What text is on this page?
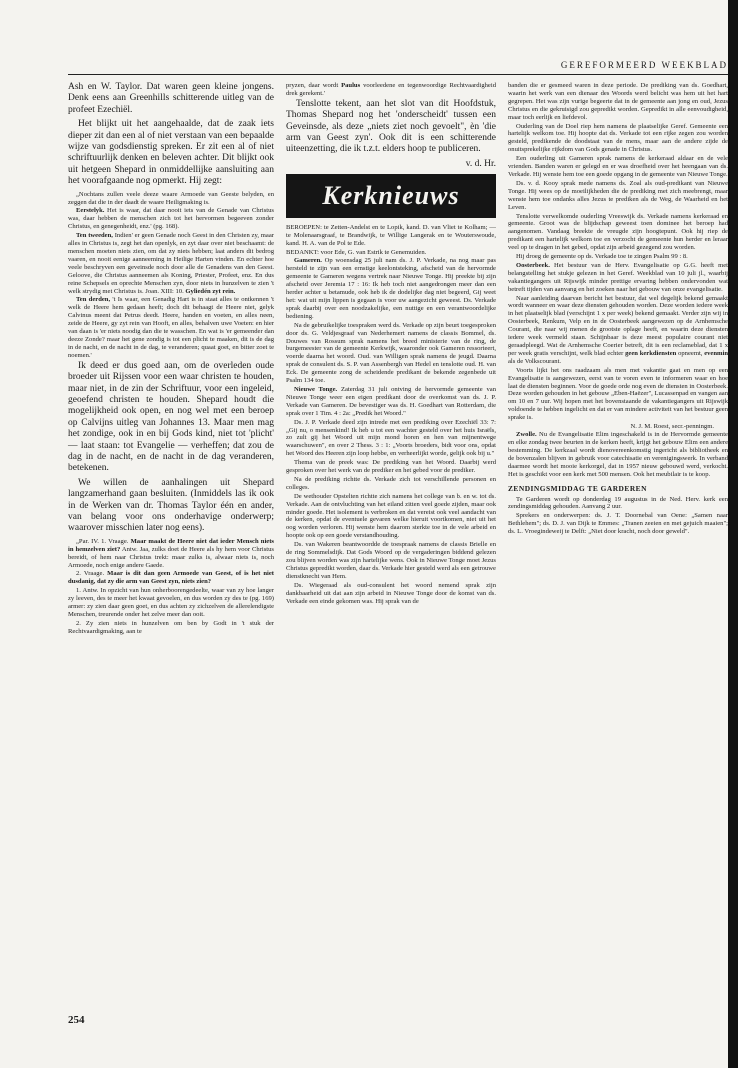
GEREFORMEERD WEEKBLAD

Ash en W. Taylor. Dat waren geen kleine jongens. Denk eens aan Greenhills schitterende uitleg van de profeet Ezechiël.

Het blijkt uit het aangehaalde, dat de zaak iets dieper zit dan een al of niet verstaan van een bepaalde wijze van godsdienstig spreken. Er zit een al of niet schriftuurlijk denken en beleven achter. Dit blijkt ook uit hetgeen Shepard in onmiddellijke aansluiting aan het voorafgaande nog opmerkt. Hij zegt:

„Nochtans zullen veele deeze waare Armoede van Geeste belyden, en zeggen dat die in der daadt de waare Heiligmaking is.

Eerstelyk. Het is waar, dat daar nooit iets van de Genade van Christus was, daar hebben de menschen zich tot het hervormen begeeven zonder Christus, en genegenheidt, enz.' (pg. 168).

Ten tweeden, Indien' er geen Genade noch Geest in den Christen zy, maar alles in Christus is, zegt het dan openlyk, en zyt daar over niet beschaamt: de menschen moeten niets zien, om dat zy niets hebben; laat anders dit bedrog vaaren, en nooit eenige aanneeming in Heilige Harten vinden. En echter hoe veele beschryven een geveinsde noch door alle de Genadens van den Geest. Geloove, die Christus aanneemen als Koning, Priester, Profeet, enz. En dus reine Schepsels en oprechte Menschen zyn, door niets in hunzelven te zien 't welk strydig met Christus is. Joan. XIII: 10. Gyliedén zyt rein.

Ten derden, 't Is waar, een Genadig Hart is in staat alles te ontkennen 't welk de Heere hem gedaan heeft; doch dit behaagt de Heere niet, gelyk Calvinus meent dat Petrus deedt. Heere, handen en voeten, en alles neen, zeide de Heere, gy zyt rein van Hooft, en alles, behalven uwe Voeten: en hier van daan is 'er niets noodig dan die te wasschen. En wat is 'er gemeender dan deeze Zonde? maar het gene zondig is tot een plicht te maaken, dit is de dag in de nacht, en de nacht in de dag, te veranderen; quaat goet, en bitter zoet te noemen.'

Ik deed er dus goed aan, om de overleden oude broeder uit Rijssen voor een waar christen te houden, maar niet, in de zin der Schriftuur, voor een ingeleid, geoefend christen te houden. Shepard houdt die mogelijkheid ook open, en nog wel met een beroep op Calvijns uitleg van Johannes 13. Maar men mag het zondige, ook in en bij Gods kind, niet tot 'plicht' — laat staan: tot Evangelie — verheffen; dat zou de dag in de nacht, en de nacht in de dag veranderen, betekenen.

We willen de aanhalingen uit Shepard langzamerhand gaan besluiten. (Inmiddels las ik ook in de Werken van dr. Thomas Taylor één en ander, van belang voor ons onderhavige onderwerp; waarover misschien later nog eens).

„Par. IV. 1. Vraage. Maar maakt de Heere niet dat ieder Mensch niets in hemzelven ziet? Antw. Jaa, zulks doet de Heere als hy hem voor Christus bereidt, of hem naar Christus trekt: maar zulks is, alwaar niets is, noch Armoede, noch enige andere Gaede.

2. Vraage. Maar is dit dan geen Armoede van Geest, of is het niet dusdanig, dat zy die arm van Geest zyn, niets zien?

1. Antw. In opzicht van hun onherboorengedeelte, waar van zy hoe langer zy leeven, des te meer het kwaat gevoelen, en dus worden zy des te (pg. 169) armer: zy zien daar geen goet, en dus achten zy zichzelven de allerelendigste Menschen, treurende onder het zelve meer dan ooit.

2. Zy zien niets in hunzelven om ben by Godt in 't stuk der Rechtvaardigmaking, aan te

pryzen, daar wordt Paulus voorleedene en tegenwoordige Rechtvaardigheid drek gerekent.'

Tenslotte tekent, aan het slot van dit Hoofdstuk, Thomas Shepard nog het 'onderscheidt' tussen een Geveinsde, als deze „niets ziet noch gevoelt", èn 'die arm van Geest zyn'. Ook dit is een schitterende uiteenzetting, die ik t.z.t. elders hoop te publiceren.

v. d. Hr.
Kerknieuws

BEROEPEN: te Zetten-Andelst en te Lopik, kand. D. van Vliet te Kolham; — te Molenaarsgraaf, te Brandwijk, te Willige Langerak en te Wouterswoude, kand. H. A. van de Pol te Ede.

BEDANKT: voor Ede, G. van Estrik te Genemuiden.

Gameren. Op woensdag 25 juli nam ds. J. P. Verkade, na nog maar pas hersteld te zijn van een ernstige keelontsteking, afscheid van de hervormde gemeente te Gameren wegens vertrek naar Nieuwe Tonge. Hij preekte bij zijn afscheid over Jeremia 17 : 16: Ik heb toch niet aangedrongen meer dan een herder achter u betamude, ook heb ik de dodelijke dag niet begeerd, Gij weet het: wat uit mijn lippen is gegaan is voor uw aangezicht geweest. Ds. Verkade sprak daarbij over een noodzakelijke, een nuttige en een verantwoordelijke bediening.

Na de gebruikelijke toespraken werd ds. Verkade op zijn beurt toegesproken door ds. G. Veldjesgraaf van Nederhemert namens de classis Bommel, ds. Douwes van Rossum sprak namens het breed ministerie van de ring, de burgemeester van de gemeente Kerkwijk, waaronder ook Gameren ressorteert, voerde daarna het woord. Oud. van Willigen sprak namens de jeugd. Daarna sprak de consulent ds. S. P. van Assenbergh van Hedel en tenslotte oud. H. van Eck. De gemeente zong de scheidende predikant de bekende zegenbede uit Psalm 134 toe.

Nieuwe Tonge. Zaterdag 31 juli ontving de hervormde gemeente van Nieuwe Tonge weer een eigen predikant door de overkomst van ds. J. P. Verkade van Gameren. De bevestiger was ds. H. Goedhart van Rotterdam, die sprak over 1 Tim. 4 : 2a: „Predik het Woord."

Ds. J. P. Verkade deed zijn intrede met een prediking over Ezechiël 33: 7: „Gij nu, o mensenkind! Ik heb u tot een wachter gesteld over het huis Israëls, zo zult gij het Woord uit mijn mond horen en hen van mijnentwege waarschuwen", en over 2 Thess. 3 : 1: „Voorts broeders, bidt voor ons, opdat het Woord des Heeren zijn loop hebbe, en verheerlijkt worde, gelijk ook bij u."

Thema van de preek was: De prediking van het Woord. Daarbij werd gesproken over het werk van de prediker en het gebed voor de prediker.

Na de prediking richtte ds. Verkade zich tot verschillende personen en colleges.

De wethouder Opstelten richtte zich namens het college van b. en w. tot ds. Verkade. Aan de ontvluchting van het eiland zitten veel goede zijden, maar ook minder goede. Het isolement is verbroken en dat vereist ook veel aandacht van de kerken, opdat de eventuele gevaren welke hieruit voortkomen, niet uit het oog worden verloren. Hij wenste hem daarom sterkte toe in de vele arbeid en hoopte ook op een goede verstandhouding.

Ds. van Wakeren beantwoordde de toespraak namens de classis Brielle en de ring Sommelsdijk. Dat Gods Woord op de vergaderingen biddend gelezen zou blijven worden was zijn hartelijke wens. Ook in Nieuwe Tonge moet Jezus Christus gepredikt worden, daar ds. Verkade hier gesteld werd als een getrouwe dienstknecht van Hem.

Ds. Wiegeraad als oud-consulent het woord nemend sprak zijn dankbaarheid uit dat aan zijn arbeid in Nieuwe Tonge door de komst van ds. Verkade een einde gekomen was. Hij sprak van de

banden die er gesmeed waren in deze periode. De prediking van ds. Goedhart, waarin het werk van een dienaar des Woords werd belicht was hem uit het hart gegrepen. Het was zijn vurige begeerte dat in de gemeente aan jong en oud, Jezus Christus en die gekruisigd zou gepredikt worden. Gepredikt in alle eenvoudigheid, maar toch eerlijk en liefdevol.

Ouderling van de Doel riep hem namens de plaatselijke Geref. Gemeente een hartelijk welkom toe. Hij hoopte dat ds. Verkade tot een rijke zegen zou worden gesteld, predikende de doodstaat van de mens, maar aan de andere zijde de onuitsprekelijke rijkdom van Gods genade in Christus.

Een ouderling uit Gameren sprak namens de kerkeraad aldaar en de vele vrienden. Banden waren er gelegd en er was droefheid over het heengaan van ds. Verkade. Hij wenste hem toe een goede opgang in de gemeente van Nieuwe Tonge.

Ds. v. d. Kooy sprak mede namens ds. Zoal als oud-predikant van Nieuwe Tonge. Hij wees op de moeilijkheden die de prediking met zich meebrengt, maar wenste hem toe ondanks alles Jezus te prediken als de Weg, de Waarheid en het Leven.

Tenslotte verwelkomde ouderling Vreeswijk ds. Verkade namens kerkeraad en gemeente. Groot was de blijdschap geweest toen dominee het beroep had aangenomen. Vandaag breekte de vreugde zijn hoogtepunt. Ook hij riep de predikant een hartelijk welkom toe en verzocht de gemeente hun herder en leraar veel op te dragen in het gebed, opdat zijn arbeid gezegend zou worden.

Hij droeg de gemeente op ds. Verkade toe te zingen Psalm 99 : 8.

Oosterbeek. Het bestuur van de Herv. Evangelisatie op G.G. heeft met belangstelling het stukje gelezen in het Geref. Weekblad van 10 juli jl., waarbij vakantiegangers uit Rijswijk minder prettige ervaring hebben ondervonden wat betreft tijden van aanvang en het zoeken naar het gebouw van onze evangelisatie.

Naar aanleiding daarvan bericht het bestuur, dat wel degelijk bekend gemaakt wordt wanneer en waar deze diensten gehouden worden. Deze worden iedere week in het plaatselijk blad (verschijnt 1 x per week) bekend gemaakt. Verder zijn wij in Oosterbeek, Renkum, Velp en in de Oosterbeek aangewezen op de Arnhemsche Courant, die naar wij menen de grootste oplage heeft, en waarin deze diensten iedere week vermeld staan. Schijnbaar is deze meest populaire courant niet geraadpleegd. Wat de Arnhemsche Coerier betreft, dit is een reclameblad, dat 1 x per week gratis verschijnt, welk blad echter geen kerkdiensten opneemt, evenmin als de Volkscourant.

Voorts lijkt het ons raadzaam als men met vakantie gaat en men op een Evangelisatie is aangewezen, eerst van te voren even te informeren waar en hoe laat de diensten beginnen. Voor de goede orde nog even de diensten in Oosterbeek. Deze worden gehouden in het gebouw „Eben-Haëzer", Lucassenpad en vangen aan om 10 en 7 uur. Wij hopen met het bovenstaande de vakantiegangers uit Rijswijk voldoende te hebben ingelicht en dat er van mindere activiteit van het bestuur geen sprake is.

N. J. M. Roest, secr.-penningm.

Zwolle. Nu de Evangelisatie Elim ingeschakeld is in de Hervormde gemeente en elke zondag twee beurten in de kerken heeft, krijgt het gebouw Elim een andere bestemming. De kerkzaal wordt dienovereenkomstig ingericht als bibliotheek en de bovenzalen blijven in gebruik voor catechisatie en verenigingswerk. In verband daarmee wordt het mooie kerkorgel, dat in 1957 nieuw gebouwd werd, verkocht. Het is geschikt voor een kerk met 500 mensen. Ook het meubilair is te koop.

ZENDINGSMIDDAG TE GARDEREN

Te Garderen wordt op donderdag 19 augustus in de Ned. Herv. kerk een zendingsmiddag gehouden. Aanvang 2 uur.

Sprekers en onderwerpen: ds. J. T. Doornebal van Oene: „Samen naar Bethlehem"; ds. D. J. van Dijk te Emmes: „Tranen zeeien en met gejuich maaien"; ds. L. Vroegindeweij te Delft: „Niet door kracht, noch door geweld".

254
